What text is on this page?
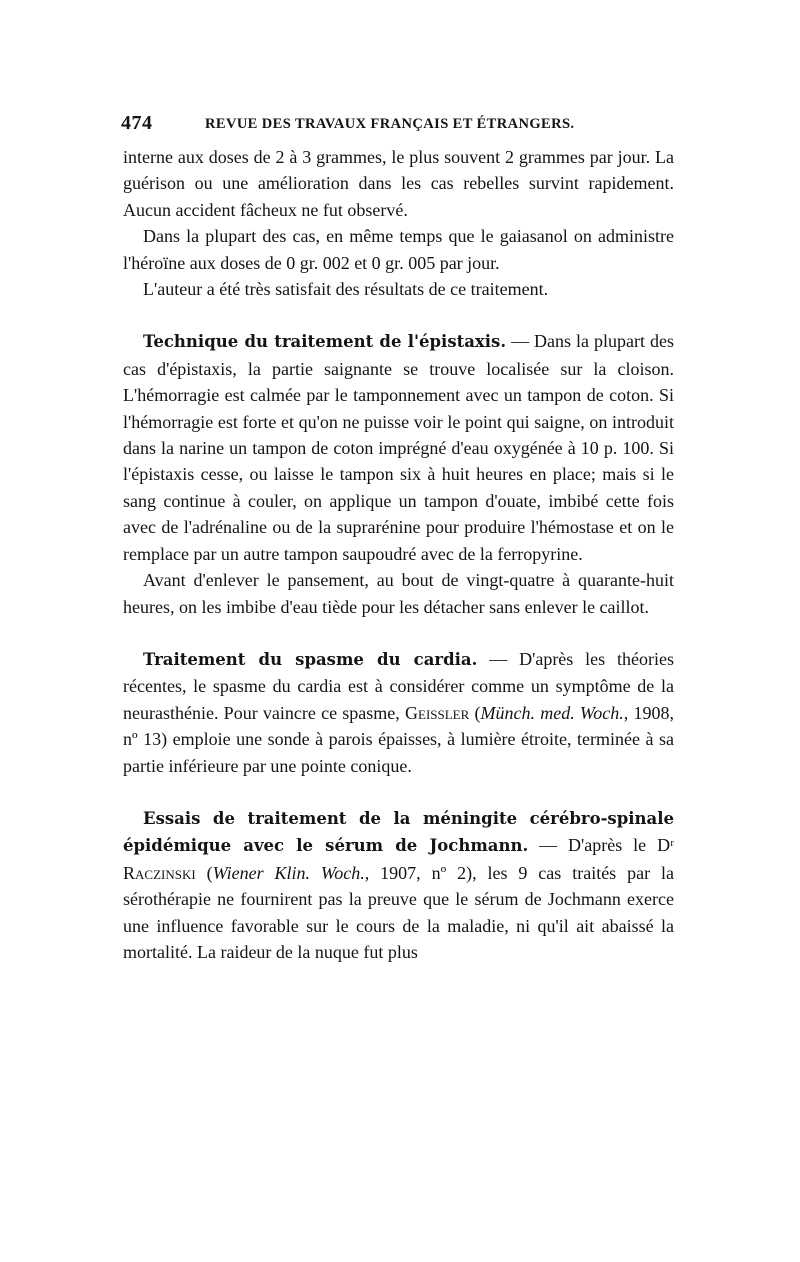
474	REVUE DES TRAVAUX FRANÇAIS ET ÉTRANGERS.

interne aux doses de 2 à 3 grammes, le plus souvent 2 grammes par jour. La guérison ou une amélioration dans les cas rebelles survint rapidement. Aucun accident fâcheux ne fut observé.

Dans la plupart des cas, en même temps que le gaiasanol on administre l'héroïne aux doses de 0 gr. 002 et 0 gr. 005 par jour.

L'auteur a été très satisfait des résultats de ce traitement.

Technique du traitement de l'épistaxis. — Dans la plupart des cas d'épistaxis, la partie saignante se trouve localisée sur la cloison. L'hémorragie est calmée par le tamponnement avec un tampon de coton. Si l'hémorragie est forte et qu'on ne puisse voir le point qui saigne, on introduit dans la narine un tampon de coton imprégné d'eau oxygénée à 10 p. 100. Si l'épistaxis cesse, ou laisse le tampon six à huit heures en place; mais si le sang continue à couler, on applique un tampon d'ouate, imbibé cette fois avec de l'adrénaline ou de la suprarénine pour produire l'hémostase et on le remplace par un autre tampon saupoudré avec de la ferropyrine.

Avant d'enlever le pansement, au bout de vingt-quatre à quarante-huit heures, on les imbibe d'eau tiède pour les détacher sans enlever le caillot.

Traitement du spasme du cardia. — D'après les théories récentes, le spasme du cardia est à considérer comme un symptôme de la neurasthénie. Pour vaincre ce spasme, Geissler (Münch. med. Woch., 1908, nº 13) emploie une sonde à parois épaisses, à lumière étroite, terminée à sa partie inférieure par une pointe conique.

Essais de traitement de la méningite cérébro-spinale épidémique avec le sérum de Jochmann. — D'après le Dʳ Raczinski (Wiener Klin. Woch., 1907, nº 2), les 9 cas traités par la sérothérapie ne fournirent pas la preuve que le sérum de Jochmann exerce une influence favorable sur le cours de la maladie, ni qu'il ait abaissé la mortalité. La raideur de la nuque fut plus
